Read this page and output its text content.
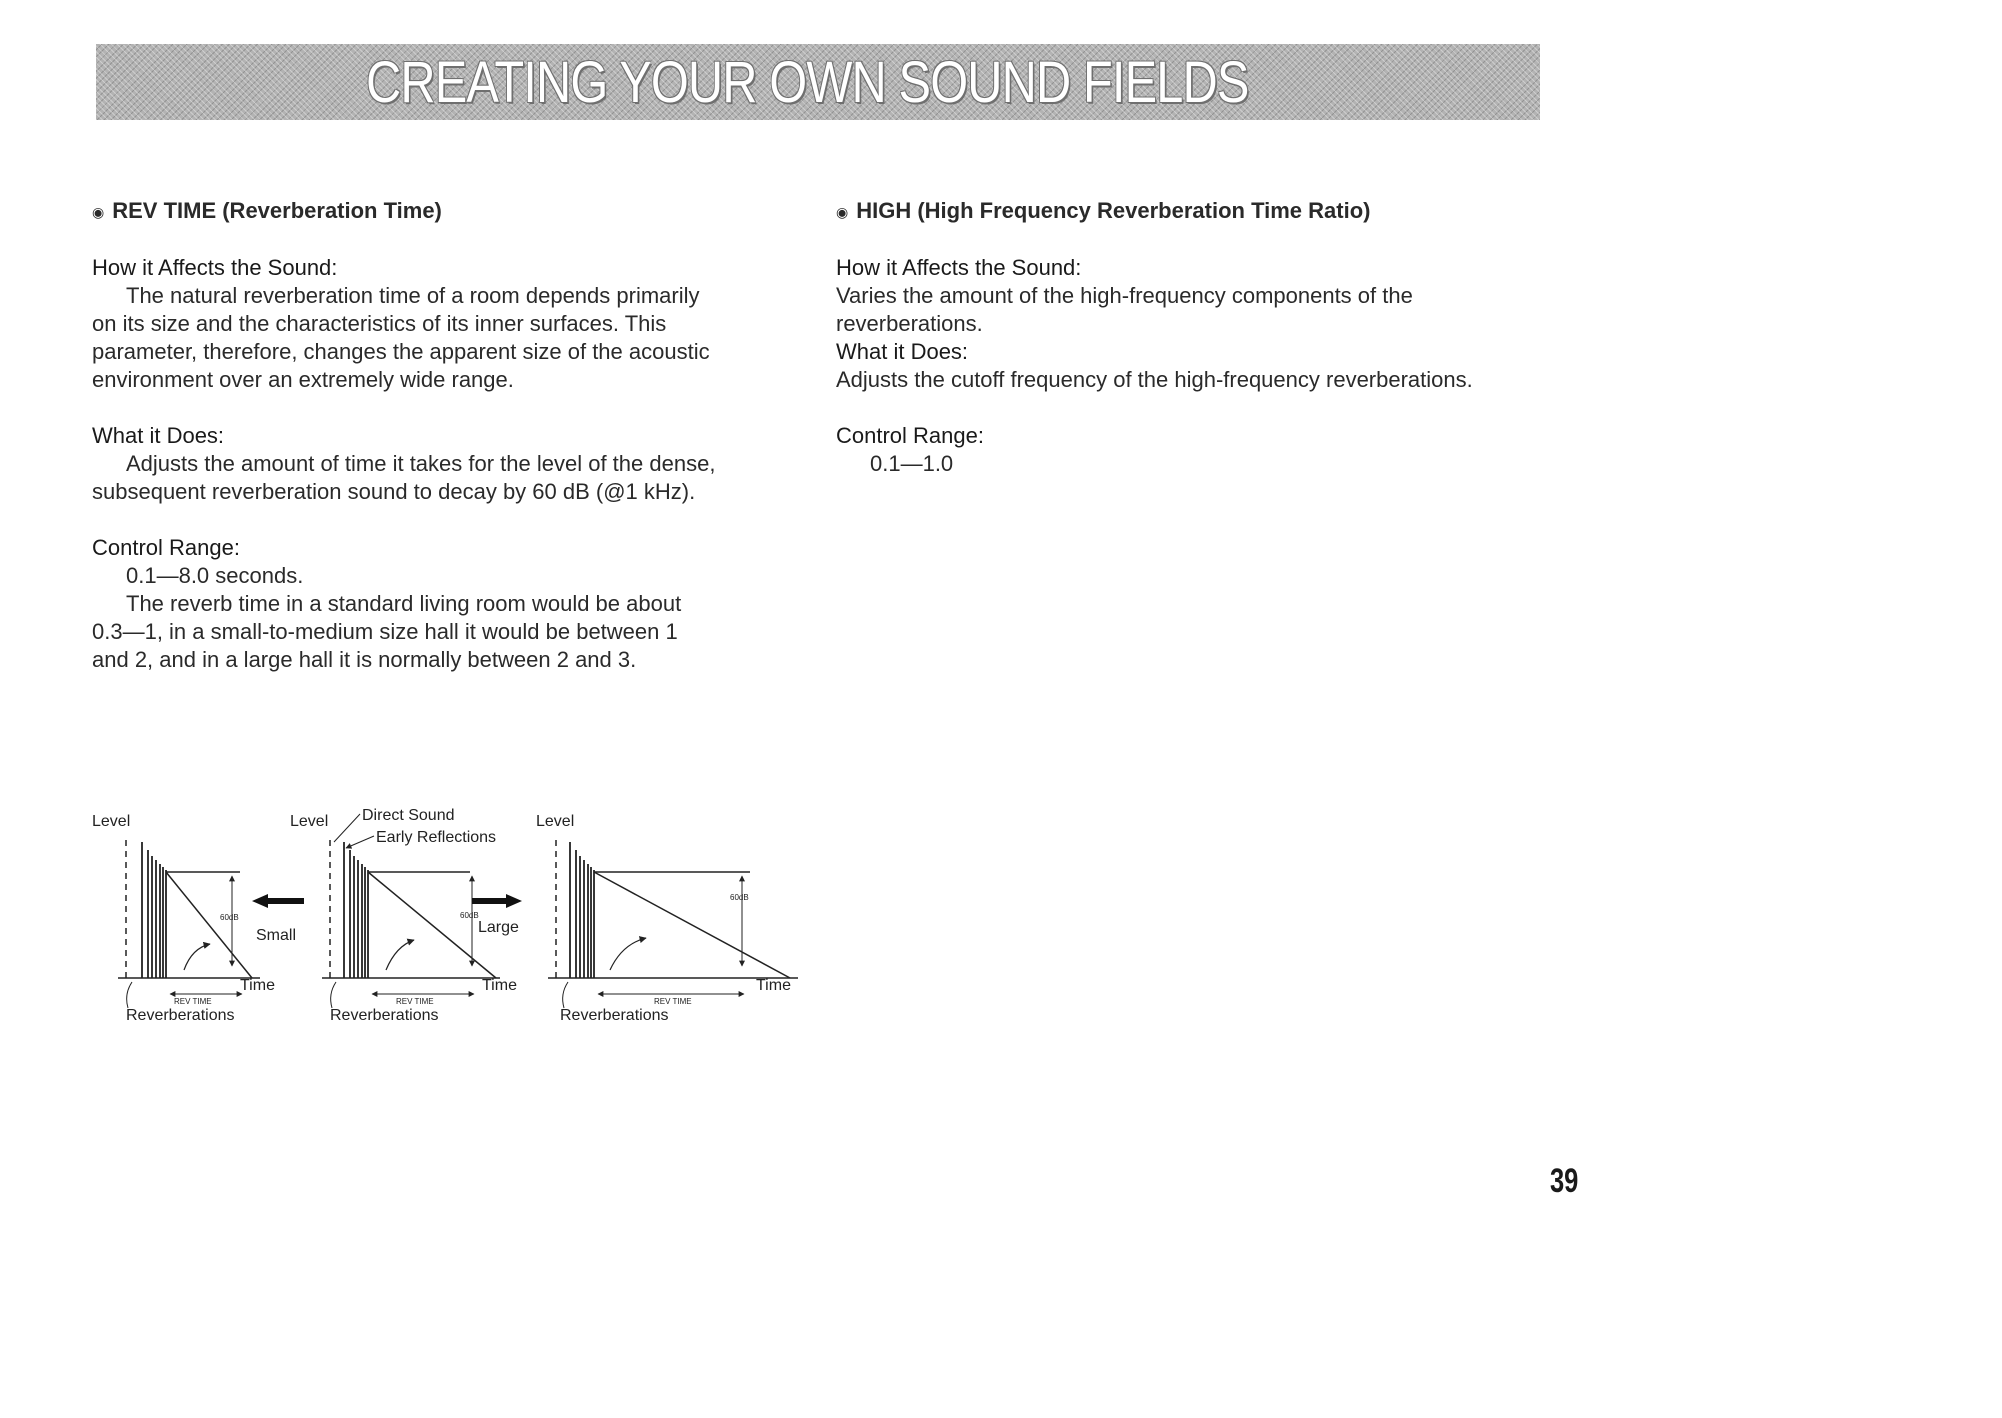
CREATING YOUR OWN SOUND FIELDS
◉ REV TIME (Reverberation Time)

How it Affects the Sound:

The natural reverberation time of a room depends primarily

on its size and the characteristics of its inner surfaces. This

parameter, therefore, changes the apparent size of the acoustic

environment over an extremely wide range.

What it Does:

Adjusts the amount of time it takes for the level of the dense,

subsequent reverberation sound to decay by 60 dB (@1 kHz).

Control Range:

0.1—8.0 seconds.

The reverb time in a standard living room would be about

0.3—1, in a small-to-medium size hall it would be between 1

and 2, and in a large hall it is normally between 2 and 3.

◉ HIGH (High Frequency Reverberation Time Ratio)

How it Affects the Sound:

Varies the amount of the high-frequency components of the

reverberations.

What it Does:

Adjusts the cutoff frequency of the high-frequency reverberations.

Control Range:

0.1—1.0

Level
60dB
Small
REV TIME
Time
Reverberations
Level Direct Sound
Early Reflections
60dB
REV TIME
Time
Reverberations
Large
Level
60dB
REV TIME
Time
Reverberations
39
